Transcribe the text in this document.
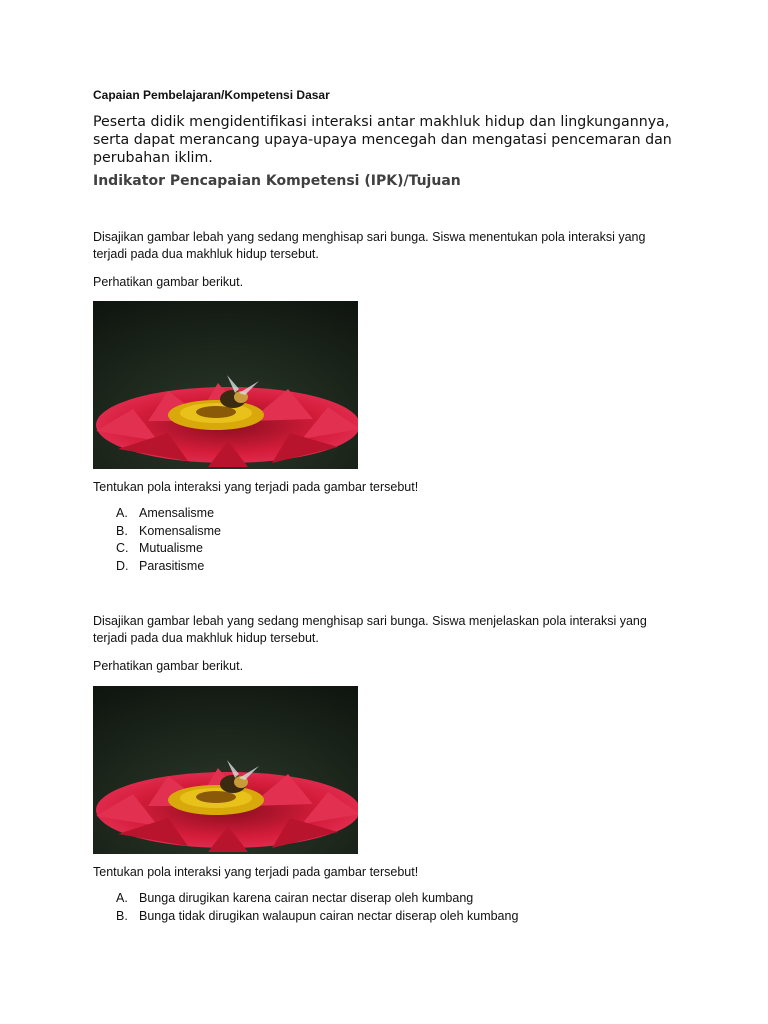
Capaian Pembelajaran/Kompetensi Dasar
Peserta didik mengidentifikasi interaksi antar makhluk hidup dan lingkungannya, serta dapat merancang upaya-upaya mencegah dan mengatasi pencemaran dan perubahan iklim.
Indikator Pencapaian Kompetensi (IPK)/Tujuan
Disajikan gambar lebah yang sedang menghisap sari bunga. Siswa menentukan pola interaksi yang
terjadi pada dua makhluk hidup tersebut.
Perhatikan gambar berikut.
Tentukan pola interaksi yang terjadi pada gambar tersebut!
A. Amensalisme
B. Komensalisme
C. Mutualisme
D. Parasitisme
Disajikan gambar lebah yang sedang menghisap sari bunga. Siswa menjelaskan pola interaksi yang
terjadi pada dua makhluk hidup tersebut.
Perhatikan gambar berikut.
Tentukan pola interaksi yang terjadi pada gambar tersebut!
A. Bunga dirugikan karena cairan nectar diserap oleh kumbang
B. Bunga tidak dirugikan walaupun cairan nectar diserap oleh kumbang
